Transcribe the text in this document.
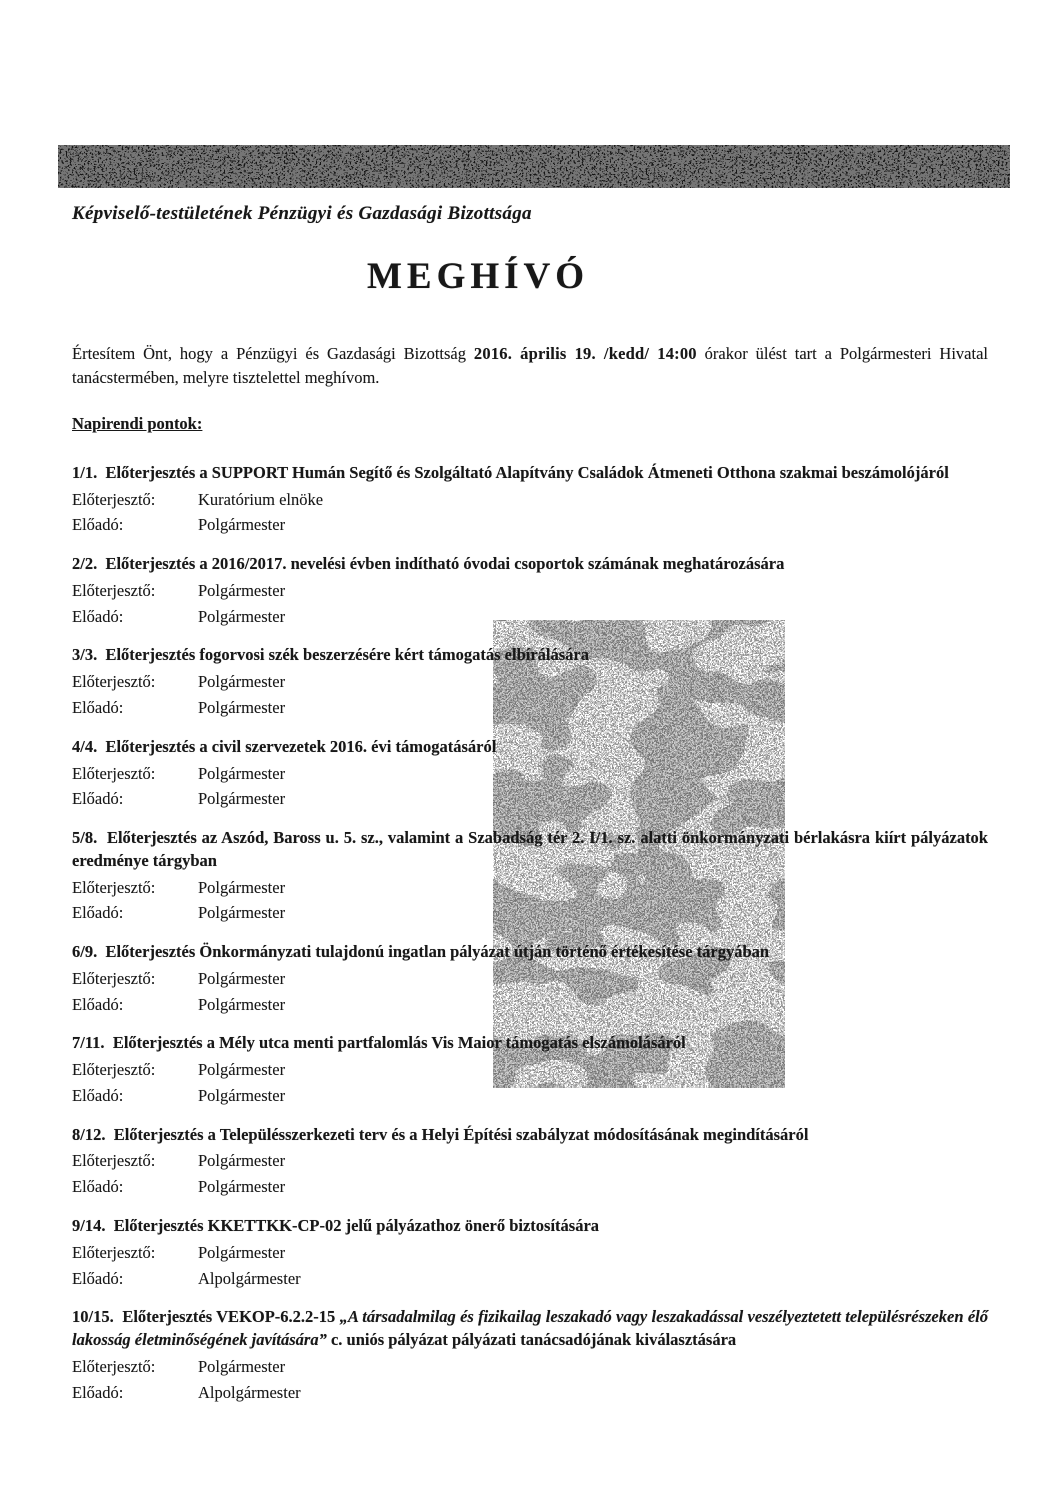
Képviselő-testületének Pénzügyi és Gazdasági Bizottsága
MEGHÍVÓ

Értesítem Önt, hogy a Pénzügyi és Gazdasági Bizottság 2016. április 19. /kedd/ 14:00 órakor ülést tart a Polgármesteri Hivatal tanácstermében, melyre tisztelettel meghívom.

Napirendi pontok:

1/1.  Előterjesztés a SUPPORT Humán Segítő és Szolgáltató Alapítvány Családok Átmeneti Otthona szakmai beszámolójáról

Előterjesztő:	Kuratórium elnöke
Előadó:	Polgármester

2/2.  Előterjesztés a 2016/2017. nevelési évben indítható óvodai csoportok számának meghatározására

Előterjesztő:	Polgármester
Előadó:	Polgármester

3/3.  Előterjesztés fogorvosi szék beszerzésére kért támogatás elbírálására

Előterjesztő:	Polgármester
Előadó:	Polgármester

4/4.  Előterjesztés a civil szervezetek 2016. évi támogatásáról

Előterjesztő:	Polgármester
Előadó:	Polgármester

5/8.  Előterjesztés az Aszód, Baross u. 5. sz., valamint a Szabadság tér 2. I/1. sz. alatti önkormányzati bérlakásra kiírt pályázatok eredménye tárgyban

Előterjesztő:	Polgármester
Előadó:	Polgármester

6/9.  Előterjesztés Önkormányzati tulajdonú ingatlan pályázat útján történő értékesítése tárgyában

Előterjesztő:	Polgármester
Előadó:	Polgármester

7/11.  Előterjesztés a Mély utca menti partfalomlás Vis Maior támogatás elszámolásáról

Előterjesztő:	Polgármester
Előadó:	Polgármester

8/12.  Előterjesztés a Településszerkezeti terv és a Helyi Építési szabályzat módosításának megindításáról

Előterjesztő:	Polgármester
Előadó:	Polgármester

9/14.  Előterjesztés KKETTKK-CP-02 jelű pályázathoz önerő biztosítására

Előterjesztő:	Polgármester
Előadó:	Alpolgármester

10/15.  Előterjesztés VEKOP-6.2.2-15 „A társadalmilag és fizikailag leszakadó vagy leszakadással veszélyeztetett településrészeken élő lakosság életminőségének javítására” c. uniós pályázat pályázati tanácsadójának kiválasztására

Előterjesztő:	Polgármester
Előadó:	Alpolgármester
